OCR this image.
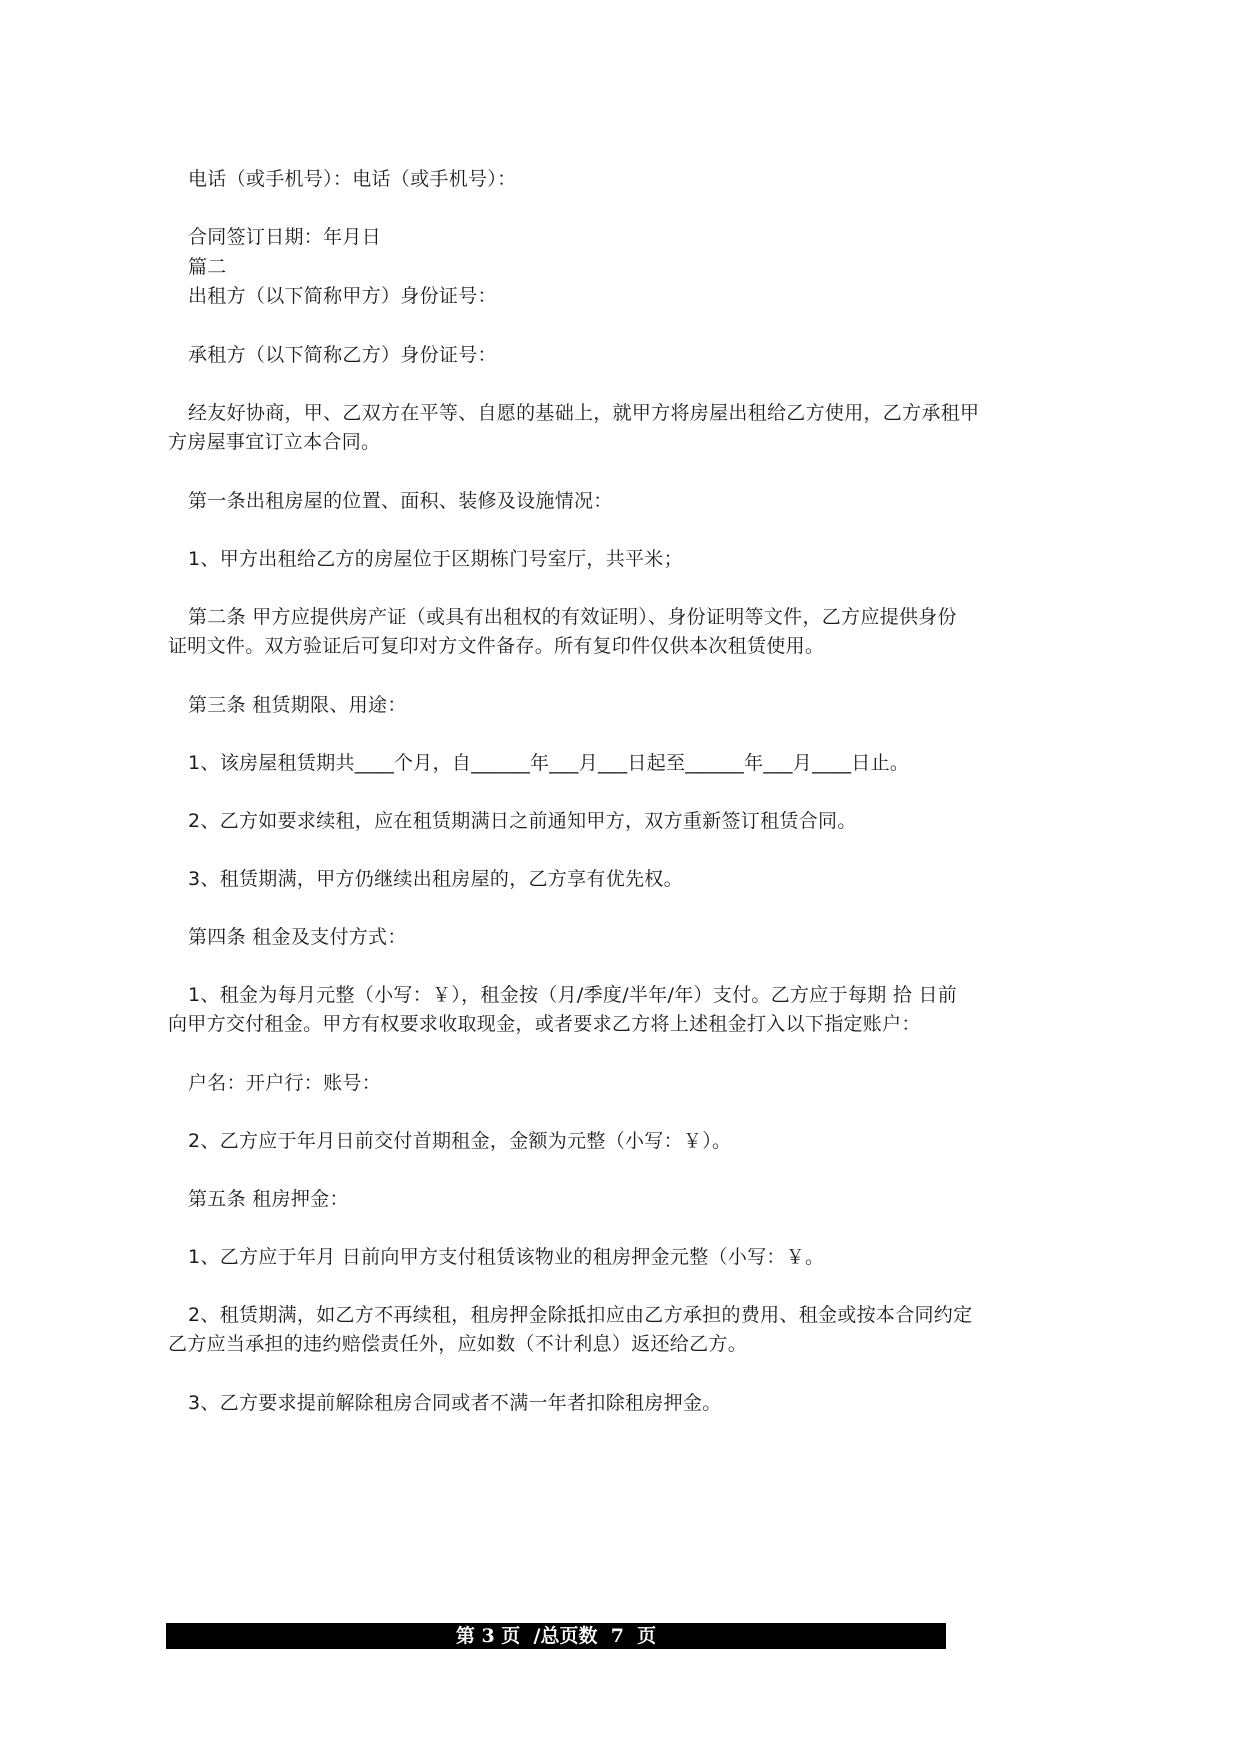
电话（或手机号）：电话（或手机号）：
合同签订日期：年月日
篇二
出租方（以下简称甲方）身份证号：
承租方（以下简称乙方）身份证号：
经友好协商，甲、乙双方在平等、自愿的基础上，就甲方将房屋出租给乙方使用，乙方承租甲
方房屋事宜订立本合同。
第一条出租房屋的位置、面积、装修及设施情况：
1、甲方出租给乙方的房屋位于区期栋门号室厅，共平米；
第二条 甲方应提供房产证（或具有出租权的有效证明）、身份证明等文件，乙方应提供身份
证明文件。双方验证后可复印对方文件备存。所有复印件仅供本次租赁使用。
第三条 租赁期限、用途：
1、该房屋租赁期共____个月，自______年___月___日起至______年___月____日止。
2、乙方如要求续租，应在租赁期满日之前通知甲方，双方重新签订租赁合同。
3、租赁期满，甲方仍继续出租房屋的，乙方享有优先权。
第四条 租金及支付方式：
1、租金为每月元整（小写：￥），租金按（月/季度/半年/年）支付。乙方应于每期 拾 日前
向甲方交付租金。甲方有权要求收取现金，或者要求乙方将上述租金打入以下指定账户：
户名：开户行：账号：
2、乙方应于年月日前交付首期租金，金额为元整（小写：￥）。
第五条 租房押金：
1、乙方应于年月 日前向甲方支付租赁该物业的租房押金元整（小写：￥。
2、租赁期满，如乙方不再续租，租房押金除抵扣应由乙方承担的费用、租金或按本合同约定
乙方应当承担的违约赔偿责任外，应如数（不计利息）返还给乙方。
3、乙方要求提前解除租房合同或者不满一年者扣除租房押金。
第 3 页  /总页数  7  页
